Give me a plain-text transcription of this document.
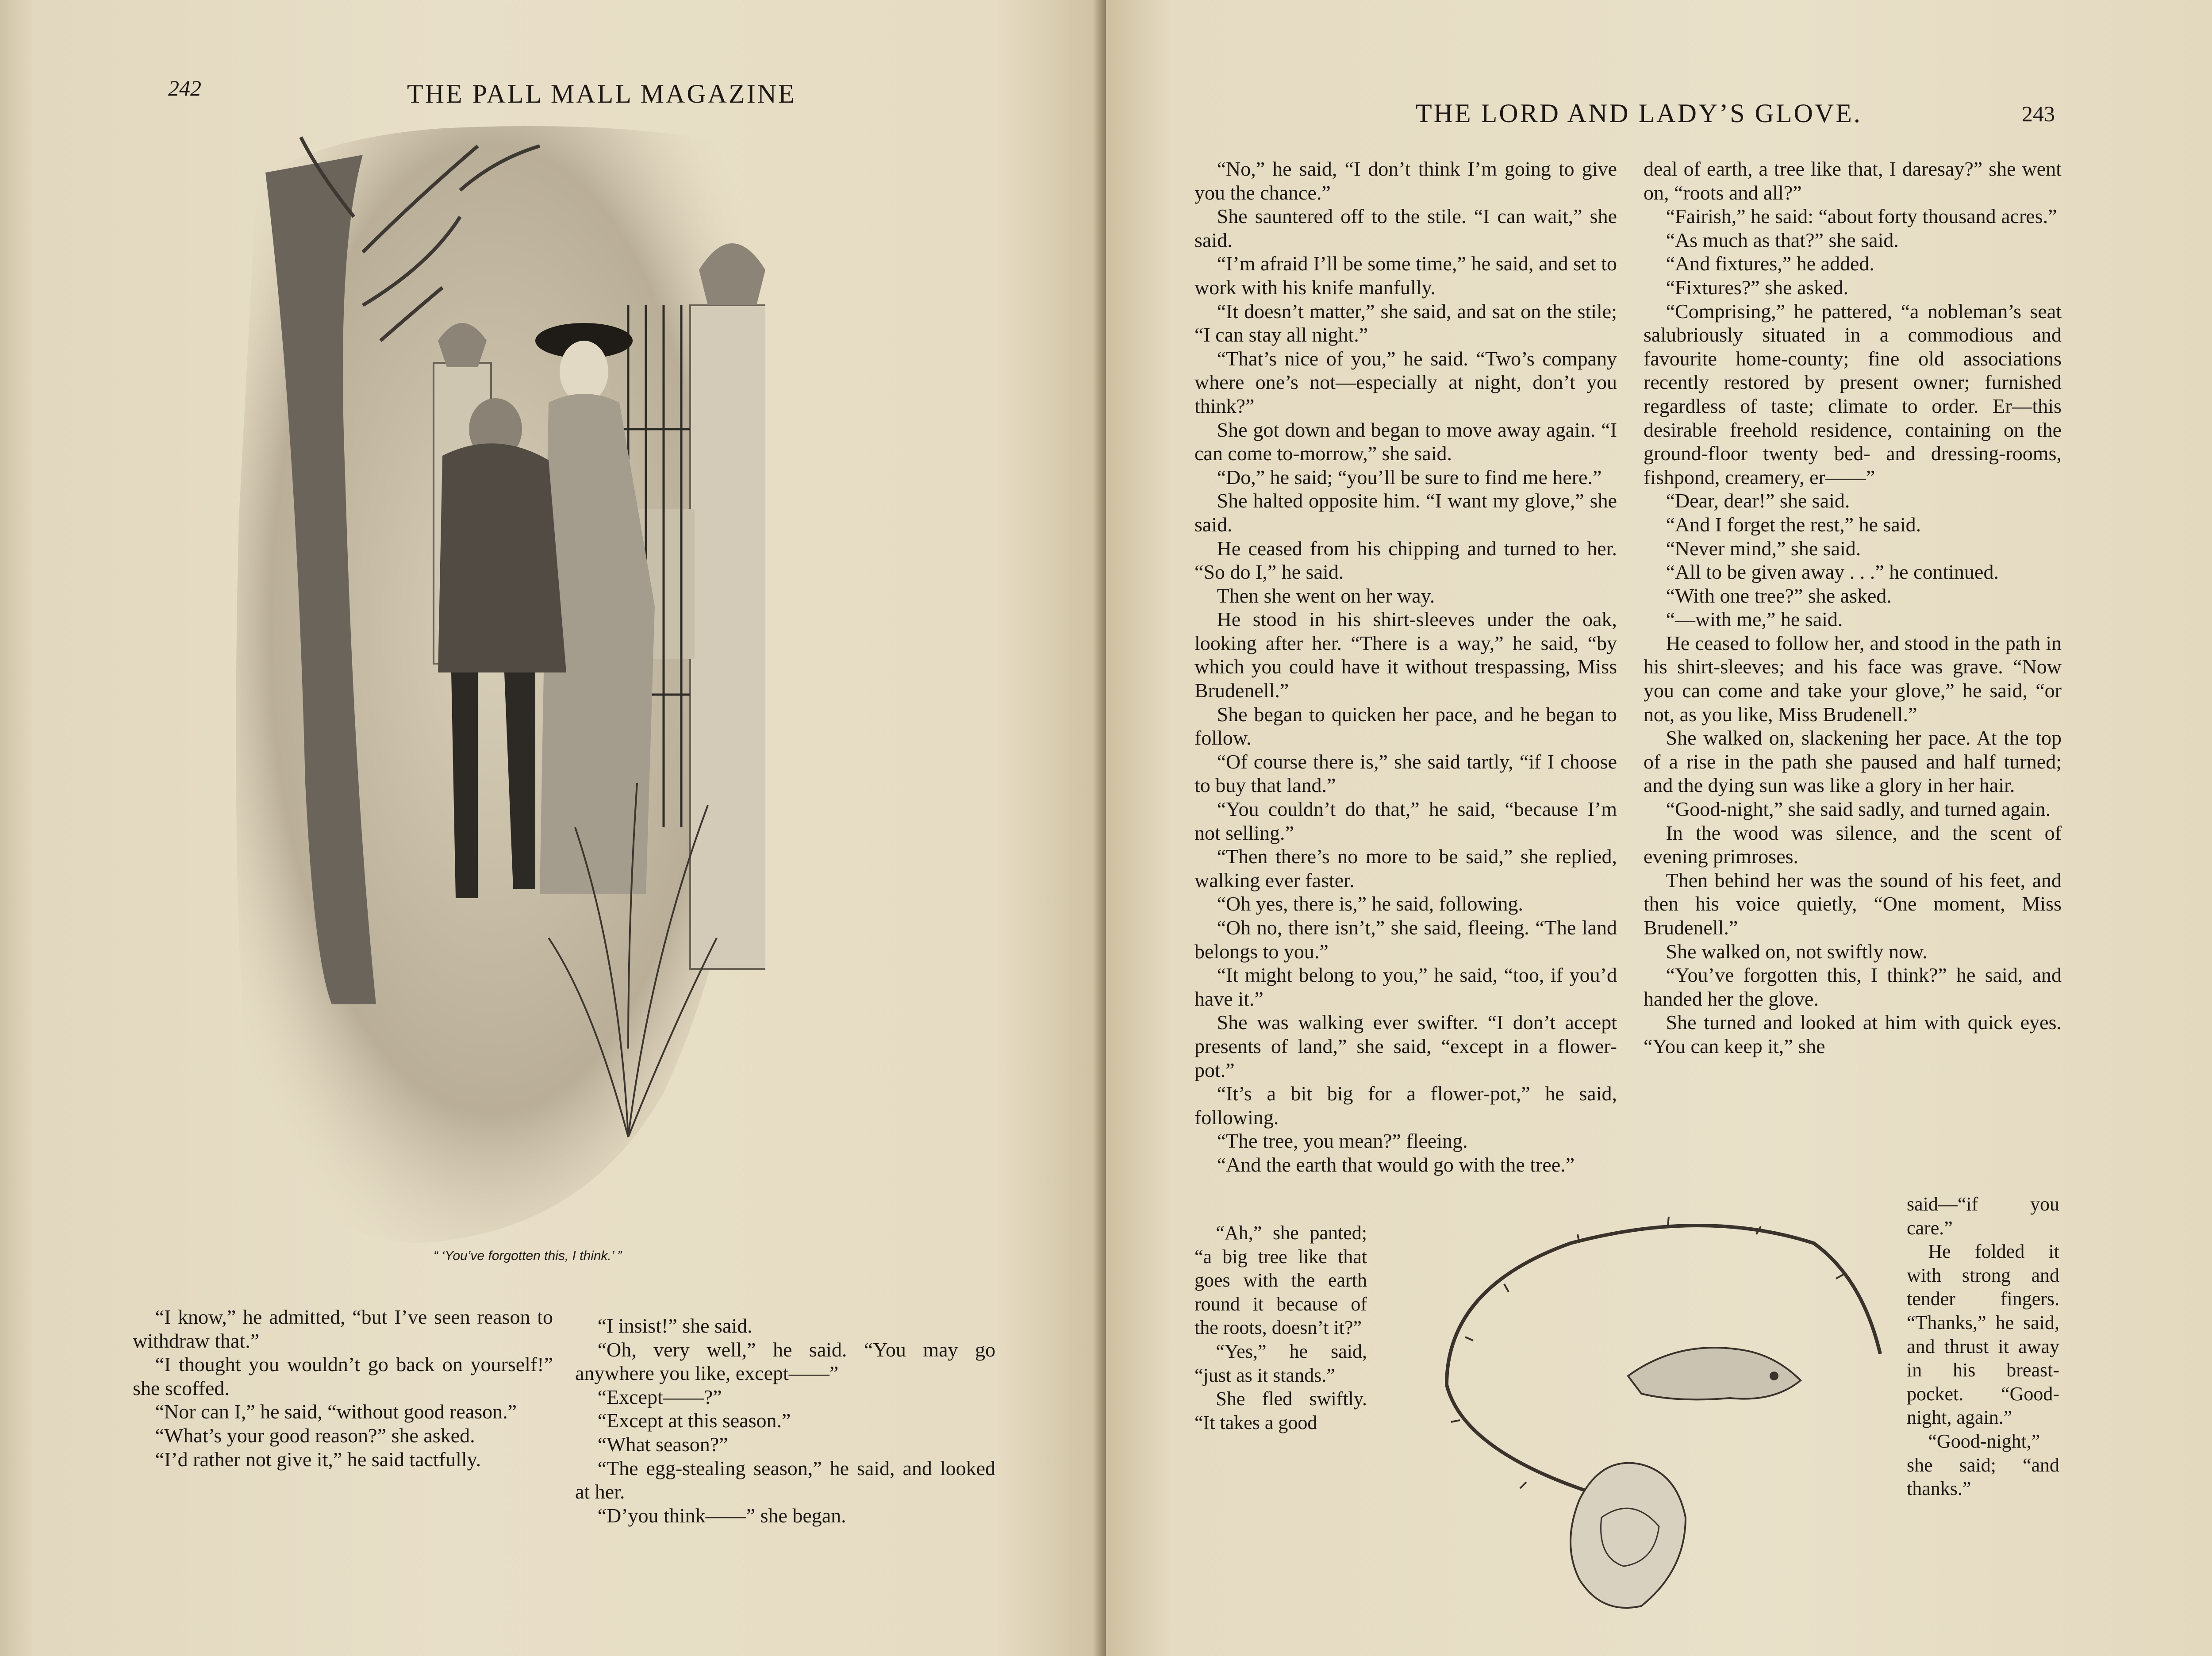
242	THE PALL MALL MAGAZINE
“ ‘You’ve forgotten this, I think.’ ”

“I know,” he admitted, “but I’ve seen reason to withdraw that.”

“I thought you wouldn’t go back on yourself!” she scoffed.

“Nor can I,” he said, “without good reason.”

“What’s your good reason?” she asked.

“I’d rather not give it,” he said tactfully.

“I insist!” she said.

“Oh, very well,” he said. “You may go anywhere you like, except——”

“Except——?”

“Except at this season.”

“What season?”

“The egg-stealing season,” he said, and looked at her.

“D’you think——” she began.

THE LORD AND LADY’S GLOVE.	243

“No,” he said, “I don’t think I’m going to give you the chance.”

She sauntered off to the stile. “I can wait,” she said.

“I’m afraid I’ll be some time,” he said, and set to work with his knife manfully.

“It doesn’t matter,” she said, and sat on the stile; “I can stay all night.”

“That’s nice of you,” he said. “Two’s company where one’s not—especially at night, don’t you think?”

She got down and began to move away again. “I can come to-morrow,” she said.

“Do,” he said; “you’ll be sure to find me here.”

She halted opposite him. “I want my glove,” she said.

He ceased from his chipping and turned to her. “So do I,” he said.

Then she went on her way.

He stood in his shirt-sleeves under the oak, looking after her. “There is a way,” he said, “by which you could have it without trespassing, Miss Brudenell.”

She began to quicken her pace, and he began to follow.

“Of course there is,” she said tartly, “if I choose to buy that land.”

“You couldn’t do that,” he said, “because I’m not selling.”

“Then there’s no more to be said,” she replied, walking ever faster.

“Oh yes, there is,” he said, following.

“Oh no, there isn’t,” she said, fleeing. “The land belongs to you.”

“It might belong to you,” he said, “too, if you’d have it.”

She was walking ever swifter. “I don’t accept presents of land,” she said, “except in a flower-pot.”

“It’s a bit big for a flower-pot,” he said, following.

“The tree, you mean?” fleeing.

“And the earth that would go with the tree.”

“Ah,” she panted; “a big tree like that goes with the earth round it because of the roots, doesn’t it?”

“Yes,” he said, “just as it stands.”

She fled swiftly. “It takes a good

deal of earth, a tree like that, I daresay?” she went on, “roots and all?”

“Fairish,” he said: “about forty thousand acres.”

“As much as that?” she said.

“And fixtures,” he added.

“Fixtures?” she asked.

“Comprising,” he pattered, “a nobleman’s seat salubriously situated in a commodious and favourite home-county; fine old associations recently restored by present owner; furnished regardless of taste; climate to order. Er—this desirable freehold residence, containing on the ground-floor twenty bed- and dressing-rooms, fishpond, creamery, er——”

“Dear, dear!” she said.

“And I forget the rest,” he said.

“Never mind,” she said.

“All to be given away . . .” he continued.

“With one tree?” she asked.

“—with me,” he said.

He ceased to follow her, and stood in the path in his shirt-sleeves; and his face was grave. “Now you can come and take your glove,” he said, “or not, as you like, Miss Brudenell.”

She walked on, slackening her pace. At the top of a rise in the path she paused and half turned; and the dying sun was like a glory in her hair.

“Good-night,” she said sadly, and turned again.

In the wood was silence, and the scent of evening primroses.

Then behind her was the sound of his feet, and then his voice quietly, “One moment, Miss Brudenell.”

She walked on, not swiftly now.

“You’ve forgotten this, I think?” he said, and handed her the glove.

She turned and looked at him with quick eyes. “You can keep it,” she

said—“if you care.”

He folded it with strong and tender fingers. “Thanks,” he said, and thrust it away in his breast-pocket. “Good-night, again.”

“Good-night,” she said; “and thanks.”
